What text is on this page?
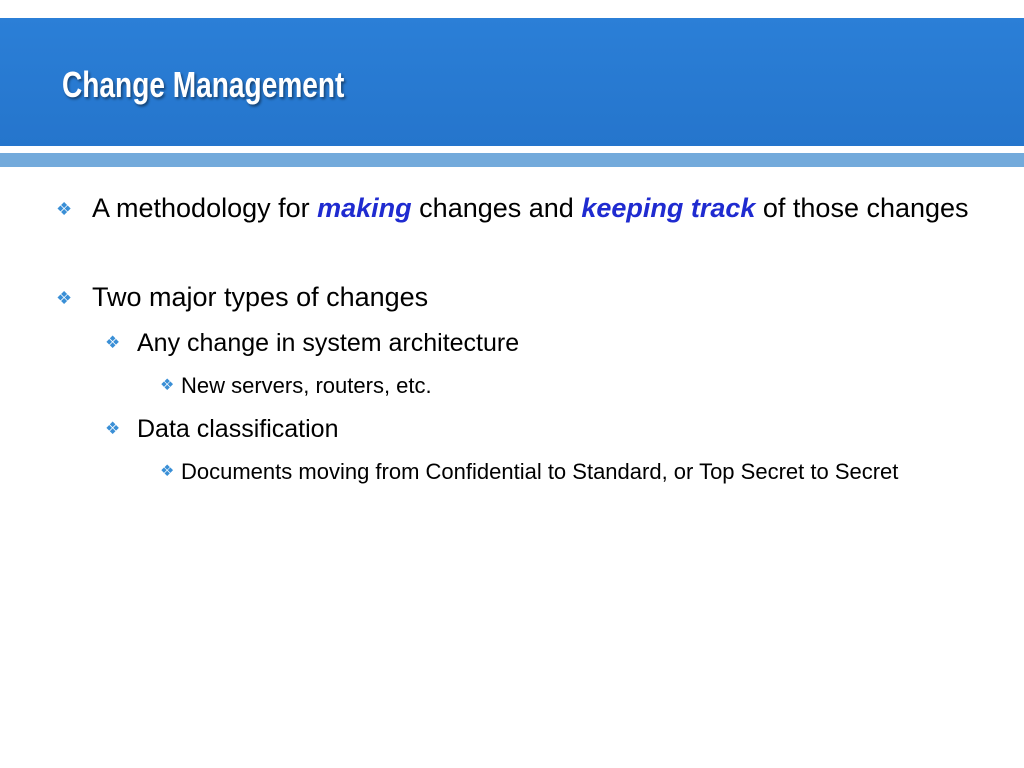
Change Management
❖ A methodology for making changes and keeping track of those changes
❖ Two major types of changes
❖ Any change in system architecture
❖ New servers, routers, etc.
❖ Data classification
❖ Documents moving from Confidential to Standard, or Top Secret to Secret
